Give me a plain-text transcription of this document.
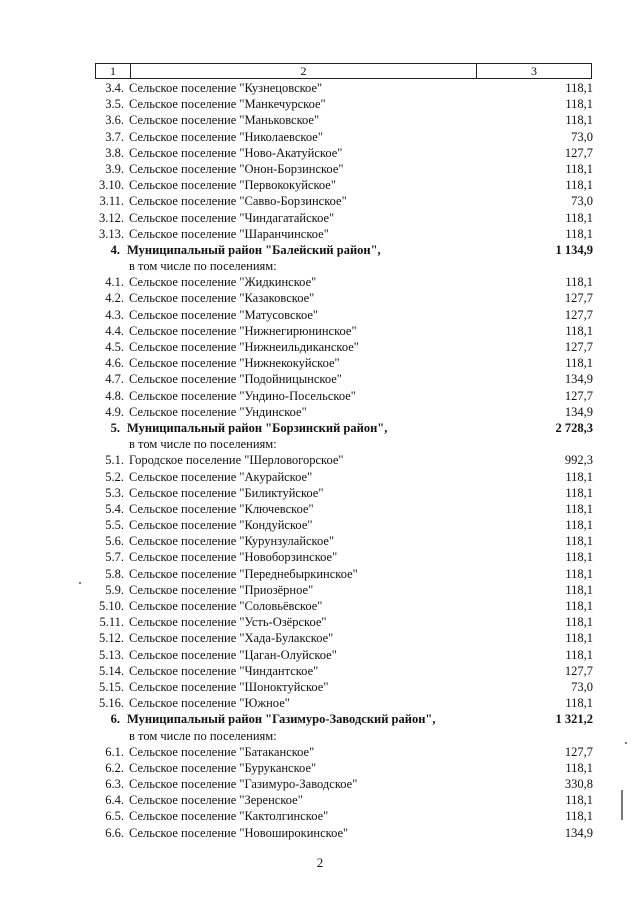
1	2	3
3.4. Сельское поселение "Кузнецовское"	118,1
3.5. Сельское поселение "Манкечурское"	118,1
3.6. Сельское поселение "Маньковское"	118,1
3.7. Сельское поселение "Николаевское"	73,0
3.8. Сельское поселение "Ново-Акатуйское"	127,7
3.9. Сельское поселение "Онон-Борзинское"	118,1
3.10. Сельское поселение "Первококуйское"	118,1
3.11. Сельское поселение "Савво-Борзинское"	73,0
3.12. Сельское поселение "Чиндагатайское"	118,1
3.13. Сельское поселение "Шаранчинское"	118,1
4. Муниципальный район "Балейский район",	1 134,9
в том числе по поселениям:
4.1. Сельское поселение "Жидкинское"	118,1
4.2. Сельское поселение "Казаковское"	127,7
4.3. Сельское поселение "Матусовское"	127,7
4.4. Сельское поселение "Нижнегирюнинское"	118,1
4.5. Сельское поселение "Нижнеильдиканское"	127,7
4.6. Сельское поселение "Нижнекокуйское"	118,1
4.7. Сельское поселение "Подойницынское"	134,9
4.8. Сельское поселение "Ундино-Посельское"	127,7
4.9. Сельское поселение "Ундинское"	134,9
5. Муниципальный район "Борзинский район",	2 728,3
в том числе по поселениям:
5.1. Городское поселение "Шерловогорское"	992,3
5.2. Сельское поселение "Акурайское"	118,1
5.3. Сельское поселение "Биликтуйское"	118,1
5.4. Сельское поселение "Ключевское"	118,1
5.5. Сельское поселение "Кондуйское"	118,1
5.6. Сельское поселение "Курунзулайское"	118,1
5.7. Сельское поселение "Новоборзинское"	118,1
5.8. Сельское поселение "Переднебыркинское"	118,1
5.9. Сельское поселение "Приозёрное"	118,1
5.10. Сельское поселение "Соловьёвское"	118,1
5.11. Сельское поселение "Усть-Озёрское"	118,1
5.12. Сельское поселение "Хада-Булакское"	118,1
5.13. Сельское поселение "Цаган-Олуйское"	118,1
5.14. Сельское поселение "Чиндантское"	127,7
5.15. Сельское поселение "Шоноктуйское"	73,0
5.16. Сельское поселение "Южное"	118,1
6. Муниципальный район "Газимуро-Заводский район",	1 321,2
в том числе по поселениям:
6.1. Сельское поселение "Батаканское"	127,7
6.2. Сельское поселение "Буруканское"	118,1
6.3. Сельское поселение "Газимуро-Заводское"	330,8
6.4. Сельское поселение "Зеренское"	118,1
6.5. Сельское поселение "Кактолгинское"	118,1
6.6. Сельское поселение "Новоширокинское"	134,9
2
